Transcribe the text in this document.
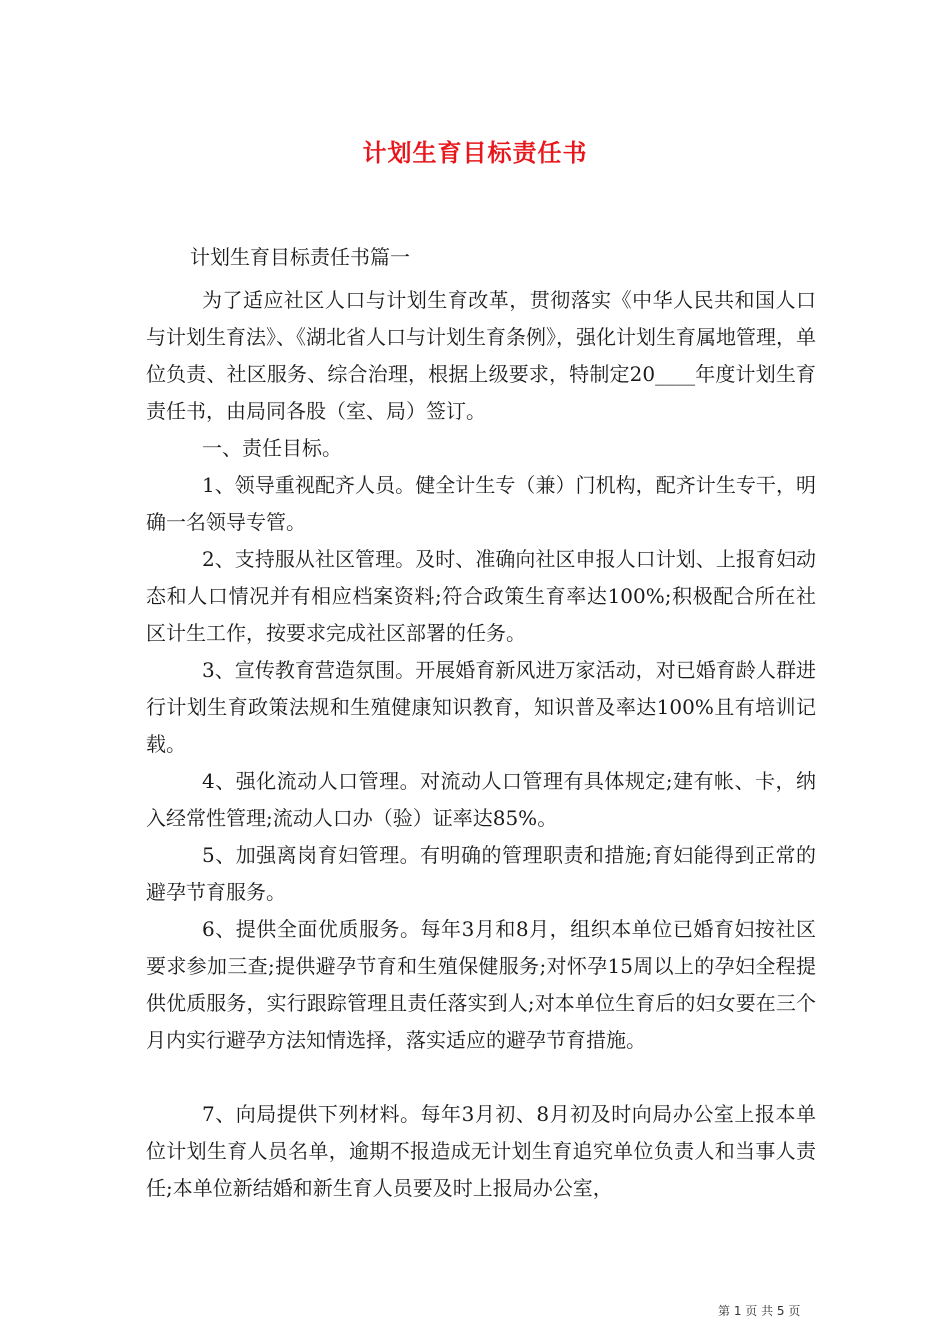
计划生育目标责任书
计划生育目标责任书篇一
为了适应社区人口与计划生育改革，贯彻落实《中华人民共和国人口与计划生育法》、《湖北省人口与计划生育条例》，强化计划生育属地管理，单位负责、社区服务、综合治理，根据上级要求，特制定20____年度计划生育责任书，由局同各股（室、局）签订。
一、责任目标。
1、领导重视配齐人员。健全计生专（兼）门机构，配齐计生专干，明确一名领导专管。
2、支持服从社区管理。及时、准确向社区申报人口计划、上报育妇动态和人口情况并有相应档案资料;符合政策生育率达100%;积极配合所在社区计生工作，按要求完成社区部署的任务。
3、宣传教育营造氛围。开展婚育新风进万家活动，对已婚育龄人群进行计划生育政策法规和生殖健康知识教育，知识普及率达100%且有培训记载。
4、强化流动人口管理。对流动人口管理有具体规定;建有帐、卡，纳入经常性管理;流动人口办（验）证率达85%。
5、加强离岗育妇管理。有明确的管理职责和措施;育妇能得到正常的避孕节育服务。
6、提供全面优质服务。每年3月和8月，组织本单位已婚育妇按社区要求参加三查;提供避孕节育和生殖保健服务;对怀孕15周以上的孕妇全程提供优质服务，实行跟踪管理且责任落实到人;对本单位生育后的妇女要在三个月内实行避孕方法知情选择，落实适应的避孕节育措施。
7、向局提供下列材料。每年3月初、8月初及时向局办公室上报本单位计划生育人员名单，逾期不报造成无计划生育追究单位负责人和当事人责任;本单位新结婚和新生育人员要及时上报局办公室，
第 1 页 共 5 页
